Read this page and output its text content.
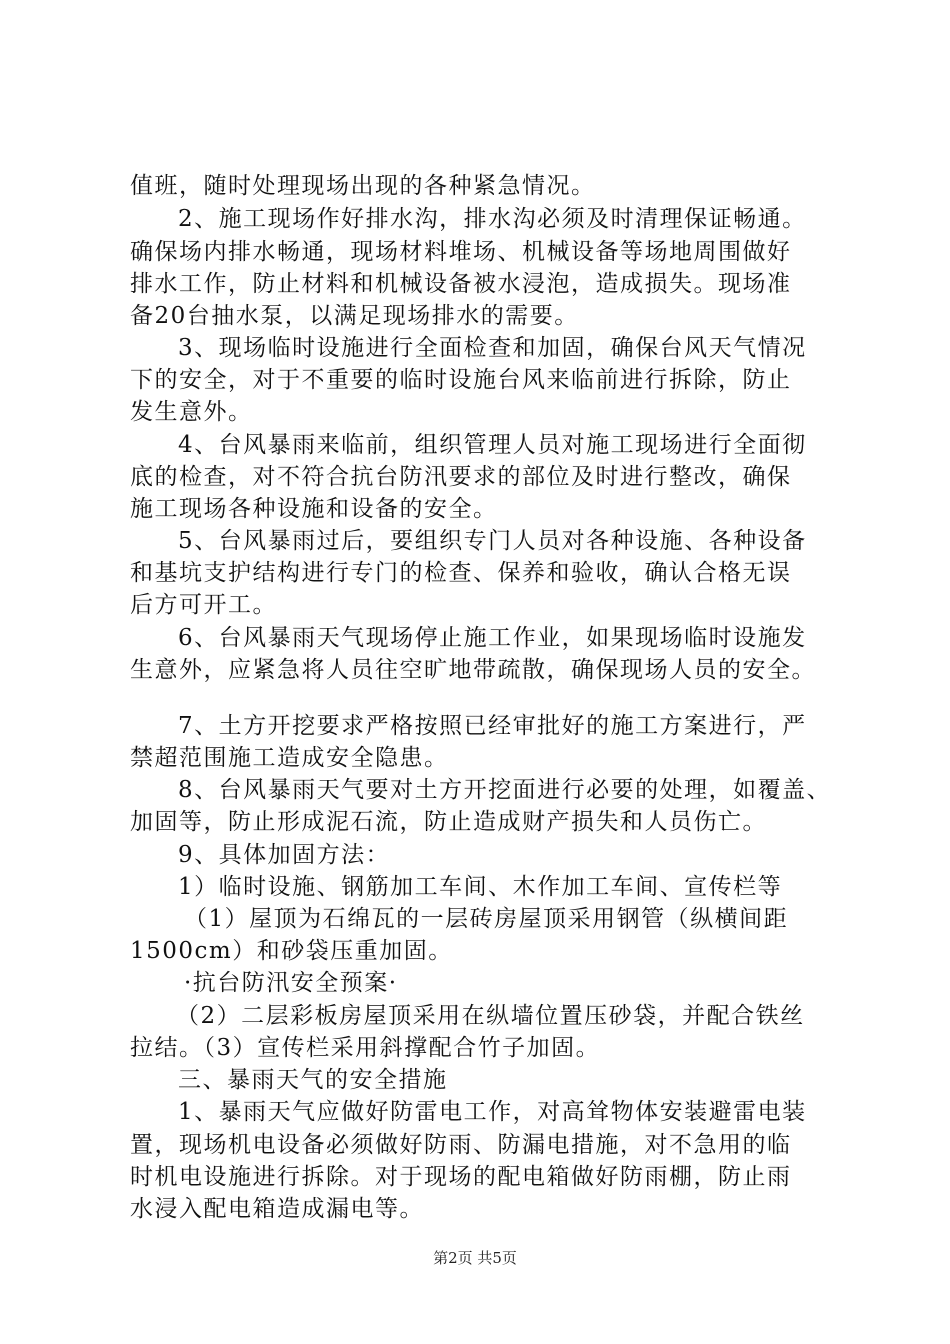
值班，随时处理现场出现的各种紧急情况。
2、施工现场作好排水沟，排水沟必须及时清理保证畅通。
确保场内排水畅通，现场材料堆场、机械设备等场地周围做好
排水工作，防止材料和机械设备被水浸泡，造成损失。现场准
备20台抽水泵，以满足现场排水的需要。
3、现场临时设施进行全面检查和加固，确保台风天气情况
下的安全，对于不重要的临时设施台风来临前进行拆除，防止
发生意外。
4、台风暴雨来临前，组织管理人员对施工现场进行全面彻
底的检查，对不符合抗台防汛要求的部位及时进行整改，确保
施工现场各种设施和设备的安全。
5、台风暴雨过后，要组织专门人员对各种设施、各种设备
和基坑支护结构进行专门的检查、保养和验收，确认合格无误
后方可开工。
6、台风暴雨天气现场停止施工作业，如果现场临时设施发
生意外，应紧急将人员往空旷地带疏散，确保现场人员的安全。
7、土方开挖要求严格按照已经审批好的施工方案进行，严
禁超范围施工造成安全隐患。
8、台风暴雨天气要对土方开挖面进行必要的处理，如覆盖、
加固等，防止形成泥石流，防止造成财产损失和人员伤亡。
9、具体加固方法：
1）临时设施、钢筋加工车间、木作加工车间、宣传栏等
（1）屋顶为石绵瓦的一层砖房屋顶采用钢管（纵横间距
1500cm）和砂袋压重加固。
·抗台防汛安全预案·
（2）二层彩板房屋顶采用在纵墙位置压砂袋，并配合铁丝
拉结。（3）宣传栏采用斜撑配合竹子加固。
三、暴雨天气的安全措施
1、暴雨天气应做好防雷电工作，对高耸物体安装避雷电装
置，现场机电设备必须做好防雨、防漏电措施，对不急用的临
时机电设施进行拆除。对于现场的配电箱做好防雨棚，防止雨
水浸入配电箱造成漏电等。
第2页 共5页
